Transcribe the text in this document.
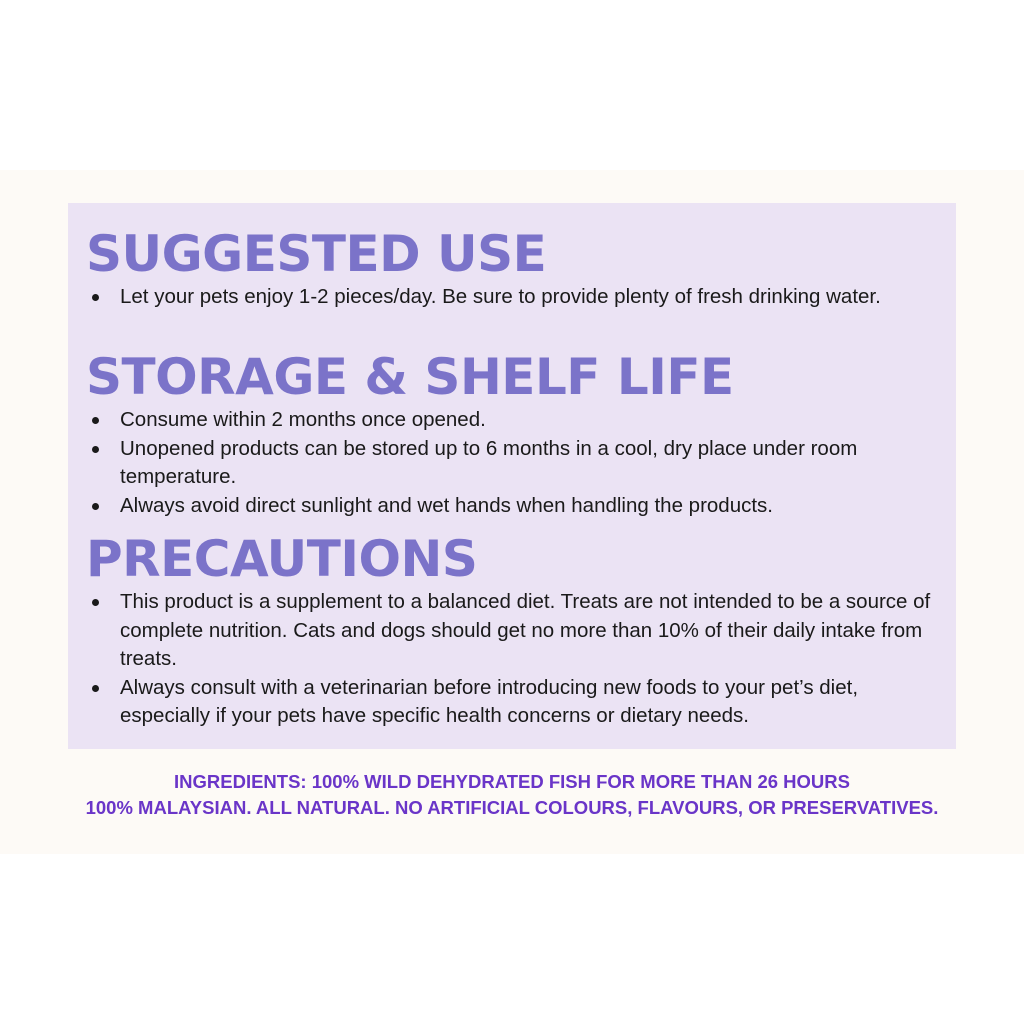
SUGGESTED USE
Let your pets enjoy 1-2 pieces/day. Be sure to provide plenty of fresh drinking water.
STORAGE & SHELF LIFE
Consume within 2 months once opened.
Unopened products can be stored up to 6 months in a cool, dry place under room temperature.
Always avoid direct sunlight and wet hands when handling the products.
PRECAUTIONS
This product is a supplement to a balanced diet. Treats are not intended to be a source of complete nutrition. Cats and dogs should get no more than 10% of their daily intake from treats.
Always consult with a veterinarian before introducing new foods to your pet’s diet, especially if your pets have specific health concerns or dietary needs.
INGREDIENTS: 100% WILD DEHYDRATED FISH FOR MORE THAN 26 HOURS
100% MALAYSIAN. ALL NATURAL. NO ARTIFICIAL COLOURS, FLAVOURS, OR PRESERVATIVES.
